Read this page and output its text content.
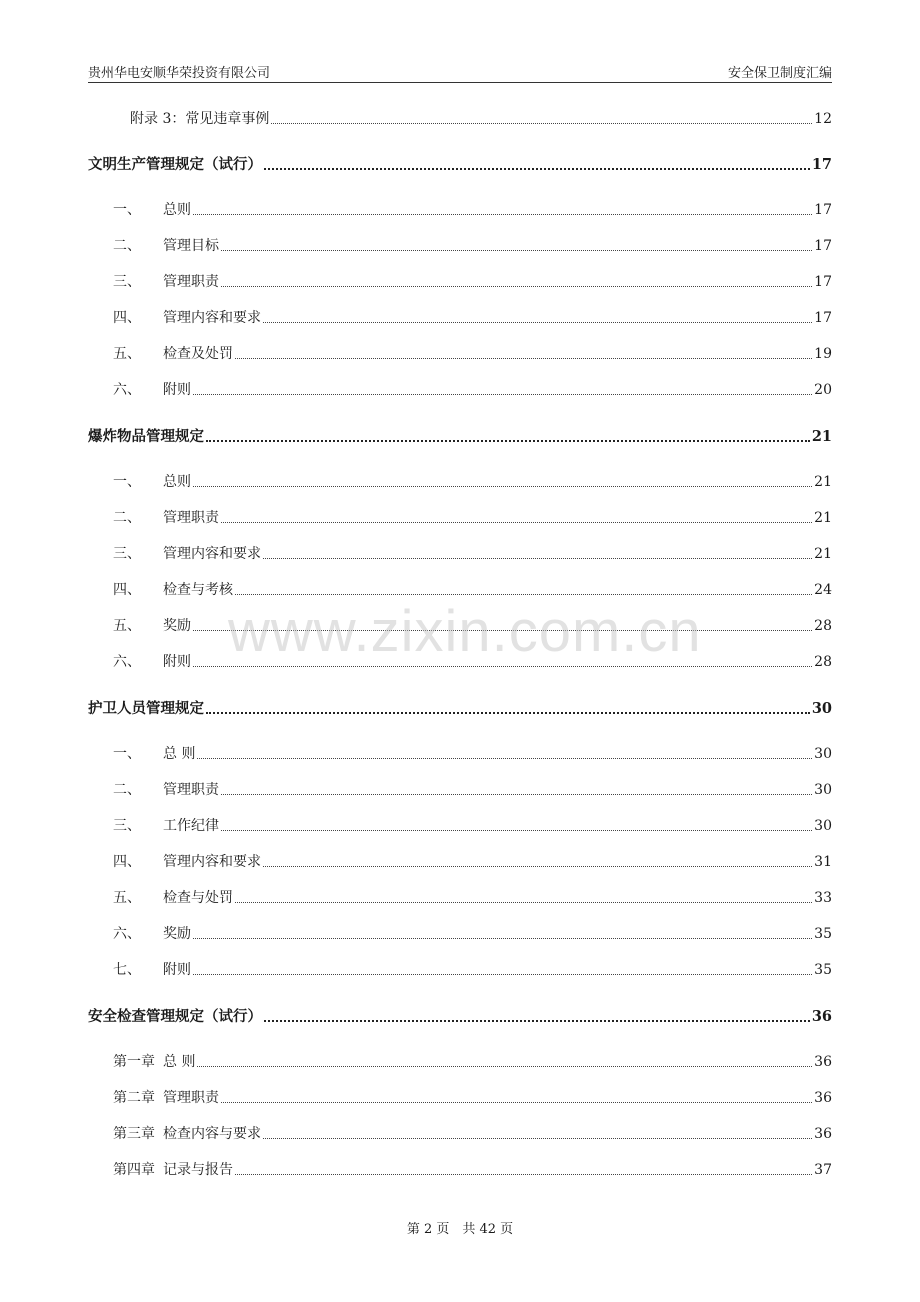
贵州华电安顺华荣投资有限公司	安全保卫制度汇编
附录 3：常见违章事例	12
文明生产管理规定（试行）	17
一、 总则	17
二、 管理目标	17
三、 管理职责	17
四、 管理内容和要求	17
五、 检查及处罚	19
六、 附则	20
爆炸物品管理规定	21
一、 总则	21
二、 管理职责	21
三、 管理内容和要求	21
四、 检查与考核	24
五、 奖励	28
六、 附则	28
护卫人员管理规定	30
一、 总 则	30
二、 管理职责	30
三、 工作纪律	30
四、 管理内容和要求	31
五、 检查与处罚	33
六、 奖励	35
七、 附则	35
安全检查管理规定（试行）	36
第一章 总 则	36
第二章 管理职责	36
第三章 检查内容与要求	36
第四章 记录与报告	37
www.zixin.com.cn
第 2 页　共 42 页
